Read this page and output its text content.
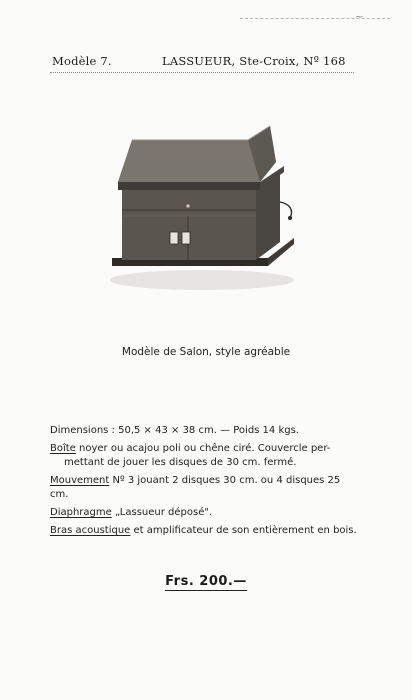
~
Modèle 7.	LASSUEUR, Ste-Croix, Nº 168
Modèle de Salon, style agréable
Dimensions : 50,5 × 43 × 38 cm. — Poids 14 kgs.
Boîte noyer ou acajou poli ou chêne ciré. Couvercle per-
mettant de jouer les disques de 30 cm. fermé.
Mouvement Nº 3 jouant 2 disques 30 cm. ou 4 disques 25 cm.
Diaphragme „Lassueur déposé".
Bras acoustique et amplificateur de son entièrement en bois.
Frs. 200.—
